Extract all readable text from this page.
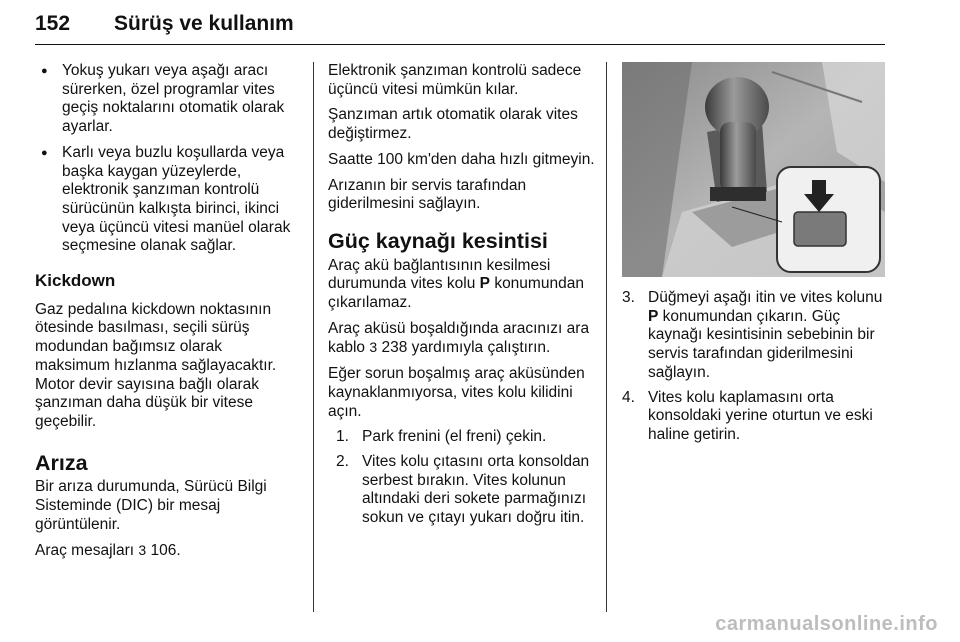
152 Sürüş ve kullanım
● Yokuş yukarı veya aşağı aracı sürerken, özel programlar vites geçiş noktalarını otomatik olarak ayarlar.
● Karlı veya buzlu koşullarda veya başka kaygan yüzeylerde, elektronik şanzıman kontrolü sürücünün kalkışta birinci, ikinci veya üçüncü vitesi manüel olarak seçmesine olanak sağlar.
Kickdown

Gaz pedalına kickdown noktasının ötesinde basılması, seçili sürüş modundan bağımsız olarak maksimum hızlanma sağlayacaktır. Motor devir sayısına bağlı olarak şanzıman daha düşük bir vitese geçebilir.

Arıza

Bir arıza durumunda, Sürücü Bilgi Sisteminde (DIC) bir mesaj görüntülenir.

Araç mesajları 3 106.

Elektronik şanzıman kontrolü sadece üçüncü vitesi mümkün kılar.

Şanzıman artık otomatik olarak vites değiştirmez.

Saatte 100 km'den daha hızlı gitmeyin.

Arızanın bir servis tarafından giderilmesini sağlayın.

Güç kaynağı kesintisi

Araç akü bağlantısının kesilmesi durumunda vites kolu P konumundan çıkarılamaz.

Araç aküsü boşaldığında aracınızı ara kablo 3 238 yardımıyla çalıştırın.

Eğer sorun boşalmış araç aküsünden kaynaklanmıyorsa, vites kolu kilidini açın.

1. Park frenini (el freni) çekin.
2. Vites kolu çıtasını orta konsoldan serbest bırakın. Vites kolunun altındaki deri sokete parmağınızı sokun ve çıtayı yukarı doğru itin.
3. Düğmeyi aşağı itin ve vites kolunu P konumundan çıkarın. Güç kaynağı kesintisinin sebebinin bir servis tarafından giderilmesini sağlayın.
4. Vites kolu kaplamasını orta konsoldaki yerine oturtun ve eski haline getirin.
carmanualsonline.info
